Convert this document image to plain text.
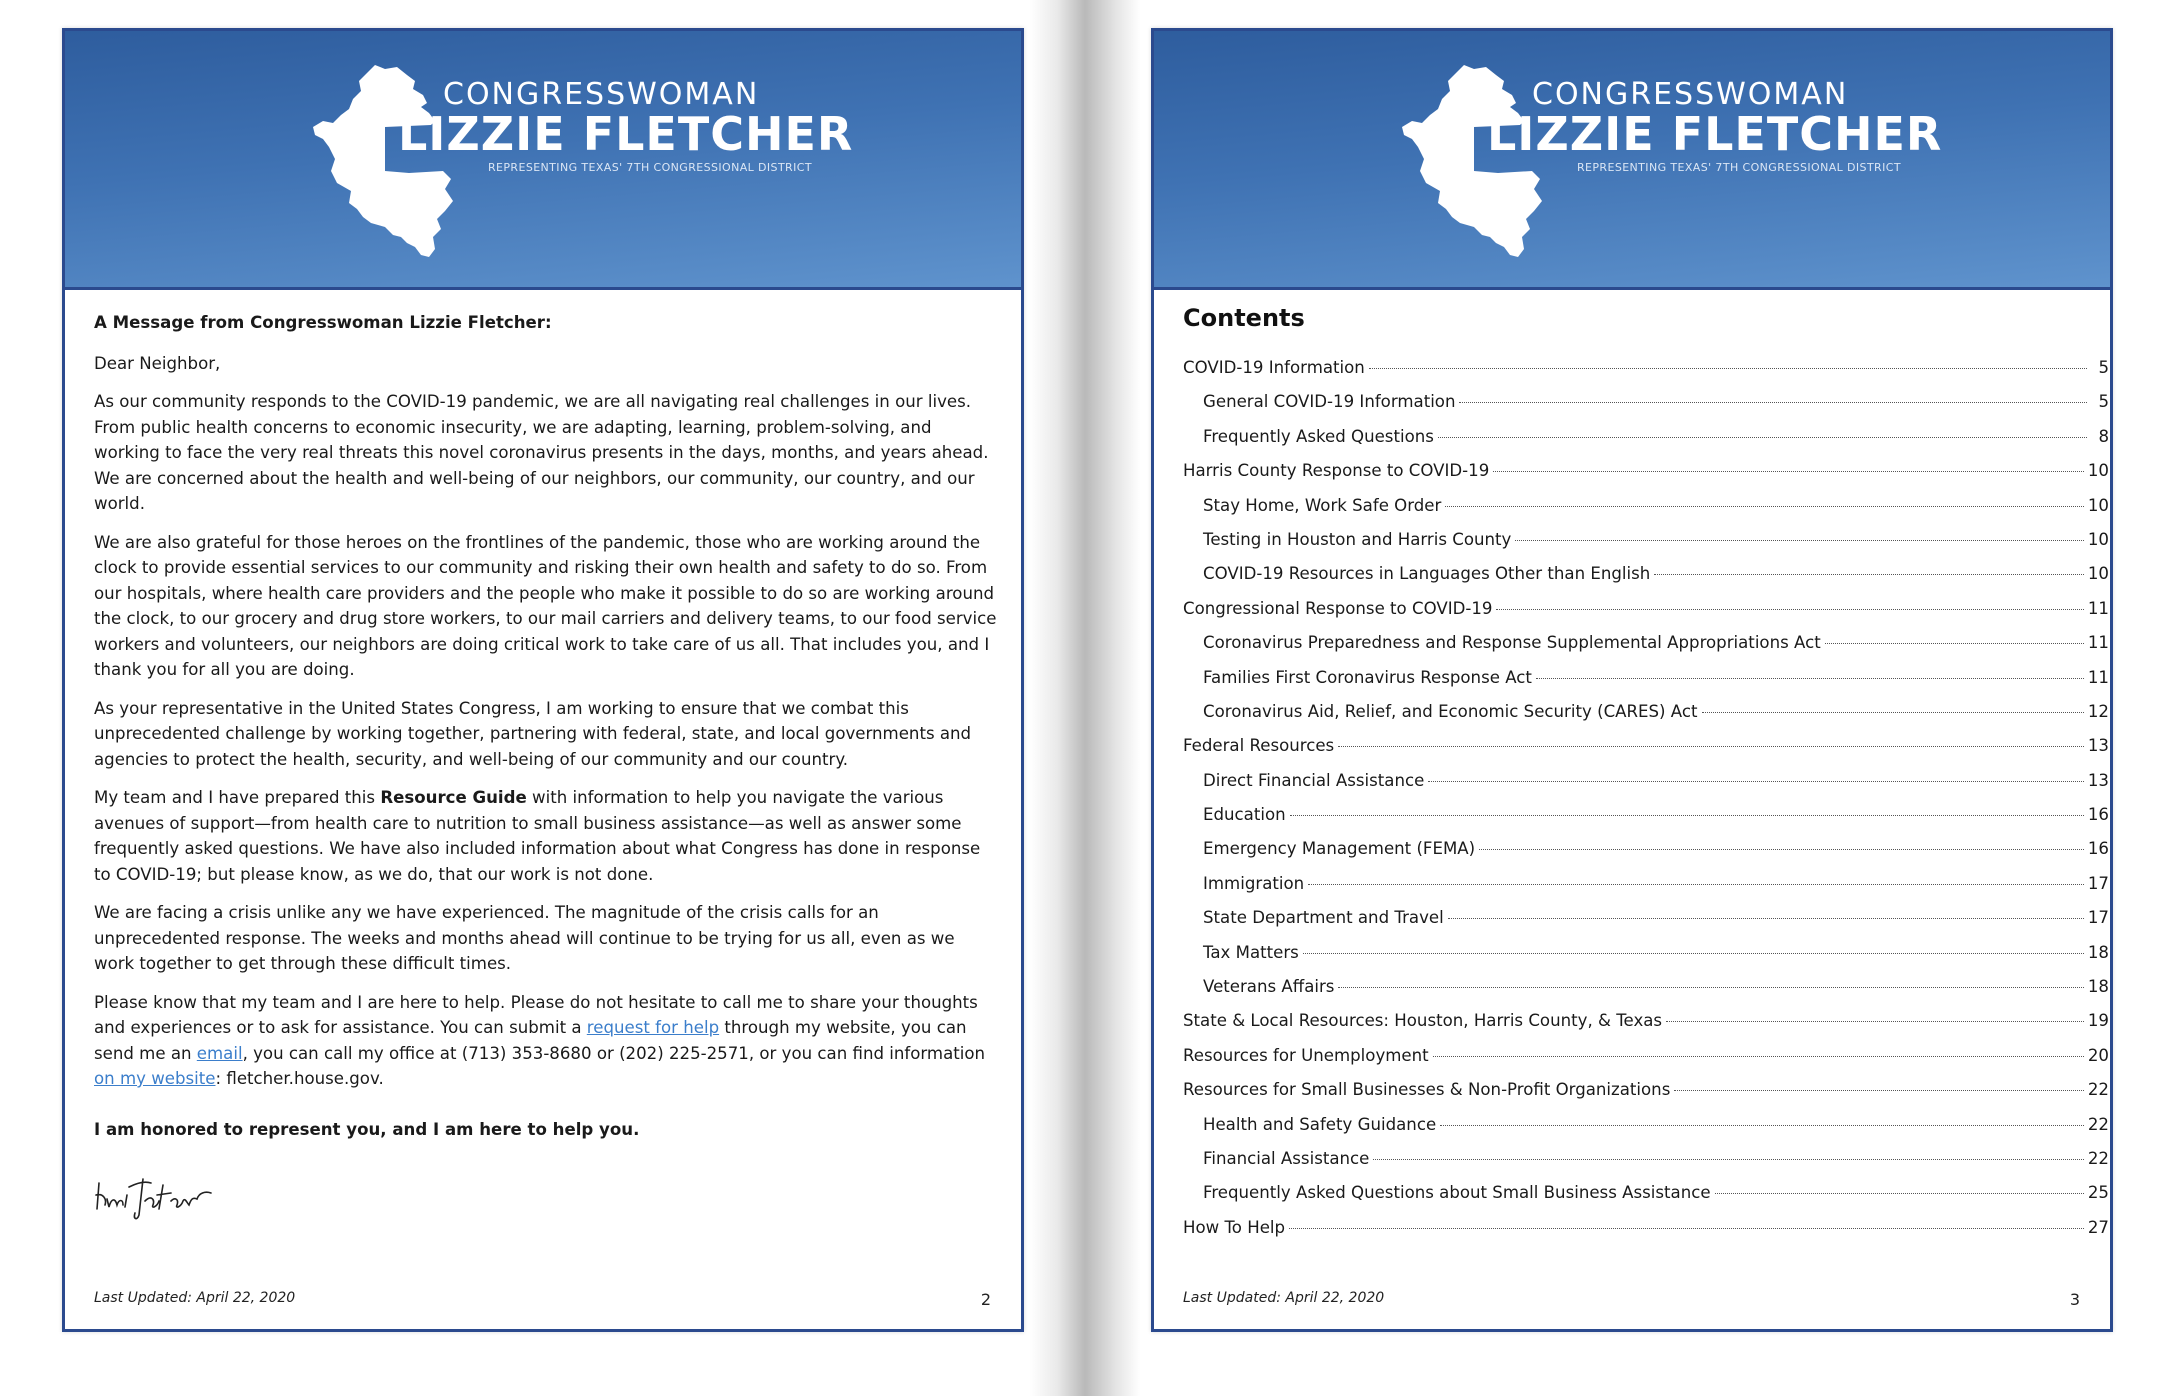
CONGRESSWOMAN
LIZZIE FLETCHER
REPRESENTING TEXAS' 7TH CONGRESSIONAL DISTRICT

A Message from Congresswoman Lizzie Fletcher:

Dear Neighbor,

As our community responds to the COVID-19 pandemic, we are all navigating real challenges in our lives. From public health concerns to economic insecurity, we are adapting, learning, problem-solving, and working to face the very real threats this novel coronavirus presents in the days, months, and years ahead. We are concerned about the health and well-being of our neighbors, our community, our country, and our world.

We are also grateful for those heroes on the frontlines of the pandemic, those who are working around the clock to provide essential services to our community and risking their own health and safety to do so. From our hospitals, where health care providers and the people who make it possible to do so are working around the clock, to our grocery and drug store workers, to our mail carriers and delivery teams, to our food service workers and volunteers, our neighbors are doing critical work to take care of us all. That includes you, and I thank you for all you are doing.

As your representative in the United States Congress, I am working to ensure that we combat this unprecedented challenge by working together, partnering with federal, state, and local governments and agencies to protect the health, security, and well-being of our community and our country.

My team and I have prepared this Resource Guide with information to help you navigate the various avenues of support—from health care to nutrition to small business assistance—as well as answer some frequently asked questions. We have also included information about what Congress has done in response to COVID-19; but please know, as we do, that our work is not done.

We are facing a crisis unlike any we have experienced. The magnitude of the crisis calls for an unprecedented response. The weeks and months ahead will continue to be trying for us all, even as we work together to get through these difficult times.

Please know that my team and I are here to help. Please do not hesitate to call me to share your thoughts and experiences or to ask for assistance. You can submit a request for help through my website, you can send me an email, you can call my office at (713) 353-8680 or (202) 225-2571, or you can find information on my website: fletcher.house.gov.

I am honored to represent you, and I am here to help you.

Last Updated: April 22, 2020	2
CONGRESSWOMAN
LIZZIE FLETCHER
REPRESENTING TEXAS' 7TH CONGRESSIONAL DISTRICT
Contents
COVID-19 Information	5
General COVID-19 Information	5
Frequently Asked Questions	8
Harris County Response to COVID-19	10
Stay Home, Work Safe Order	10
Testing in Houston and Harris County	10
COVID-19 Resources in Languages Other than English	10
Congressional Response to COVID-19	11
Coronavirus Preparedness and Response Supplemental Appropriations Act	11
Families First Coronavirus Response Act	11
Coronavirus Aid, Relief, and Economic Security (CARES) Act	12
Federal Resources	13
Direct Financial Assistance	13
Education	16
Emergency Management (FEMA)	16
Immigration	17
State Department and Travel	17
Tax Matters	18
Veterans Affairs	18
State & Local Resources: Houston, Harris County, & Texas	19
Resources for Unemployment	20
Resources for Small Businesses & Non-Profit Organizations	22
Health and Safety Guidance	22
Financial Assistance	22
Frequently Asked Questions about Small Business Assistance	25
How To Help	27
Last Updated: April 22, 2020	3
